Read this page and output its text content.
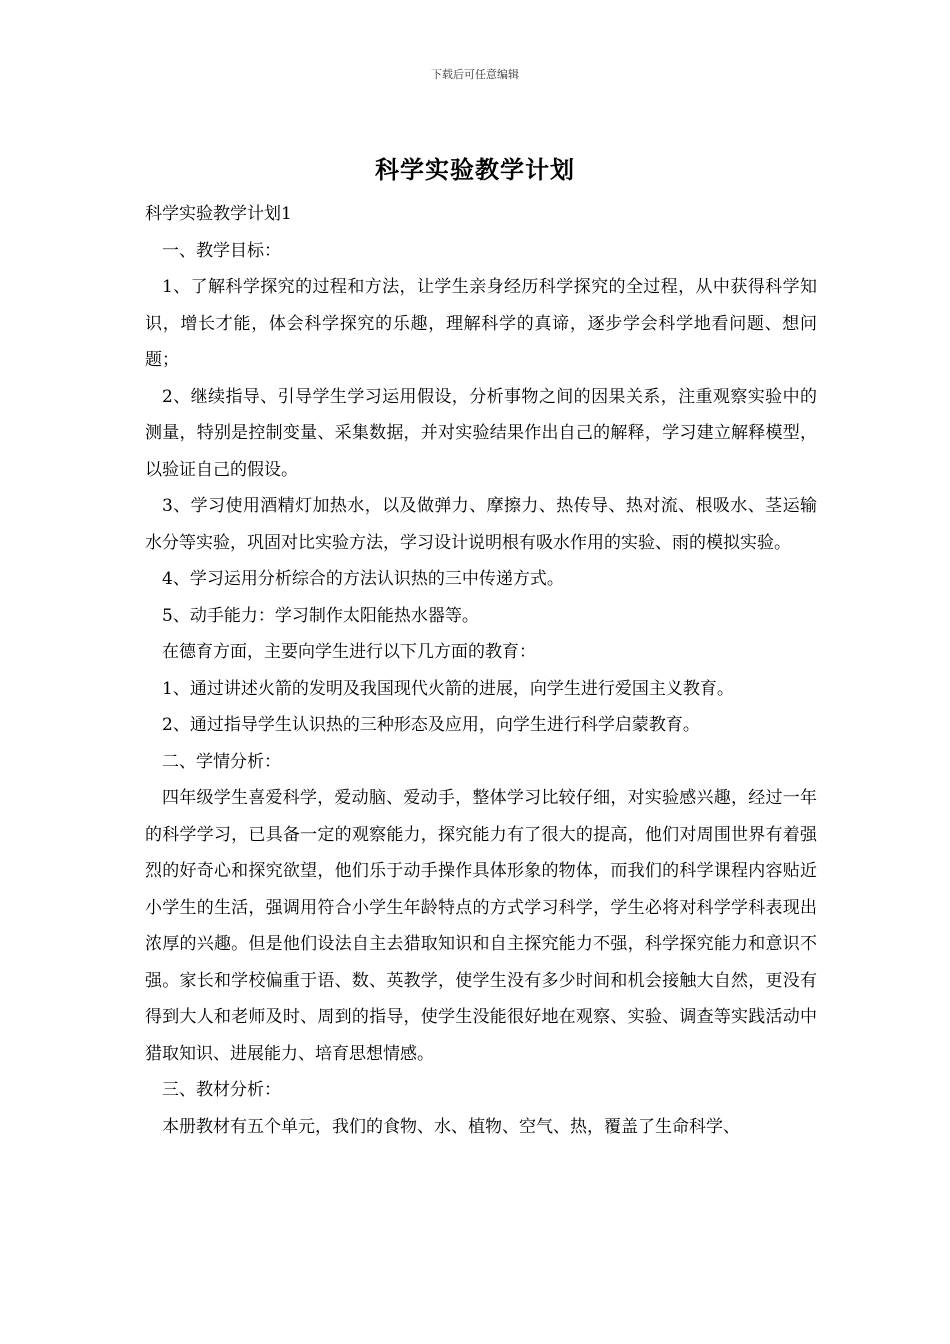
下载后可任意编辑
科学实验教学计划

科学实验教学计划1

一、教学目标：

1、了解科学探究的过程和方法，让学生亲身经历科学探究的全过程，从中获得科学知识，增长才能，体会科学探究的乐趣，理解科学的真谛，逐步学会科学地看问题、想问题；

2、继续指导、引导学生学习运用假设，分析事物之间的因果关系，注重观察实验中的测量，特别是控制变量、采集数据，并对实验结果作出自己的解释，学习建立解释模型，以验证自己的假设。

3、学习使用酒精灯加热水，以及做弹力、摩擦力、热传导、热对流、根吸水、茎运输水分等实验，巩固对比实验方法，学习设计说明根有吸水作用的实验、雨的模拟实验。

4、学习运用分析综合的方法认识热的三中传递方式。

5、动手能力：学习制作太阳能热水器等。

在德育方面，主要向学生进行以下几方面的教育：

1、通过讲述火箭的发明及我国现代火箭的进展，向学生进行爱国主义教育。

2、通过指导学生认识热的三种形态及应用，向学生进行科学启蒙教育。

二、学情分析：

四年级学生喜爱科学，爱动脑、爱动手，整体学习比较仔细，对实验感兴趣，经过一年的科学学习，已具备一定的观察能力，探究能力有了很大的提高，他们对周围世界有着强烈的好奇心和探究欲望，他们乐于动手操作具体形象的物体，而我们的科学课程内容贴近小学生的生活，强调用符合小学生年龄特点的方式学习科学，学生必将对科学学科表现出浓厚的兴趣。但是他们设法自主去猎取知识和自主探究能力不强，科学探究能力和意识不强。家长和学校偏重于语、数、英教学，使学生没有多少时间和机会接触大自然，更没有得到大人和老师及时、周到的指导，使学生没能很好地在观察、实验、调查等实践活动中猎取知识、进展能力、培育思想情感。

三、教材分析：

本册教材有五个单元，我们的食物、水、植物、空气、热，覆盖了生命科学、
